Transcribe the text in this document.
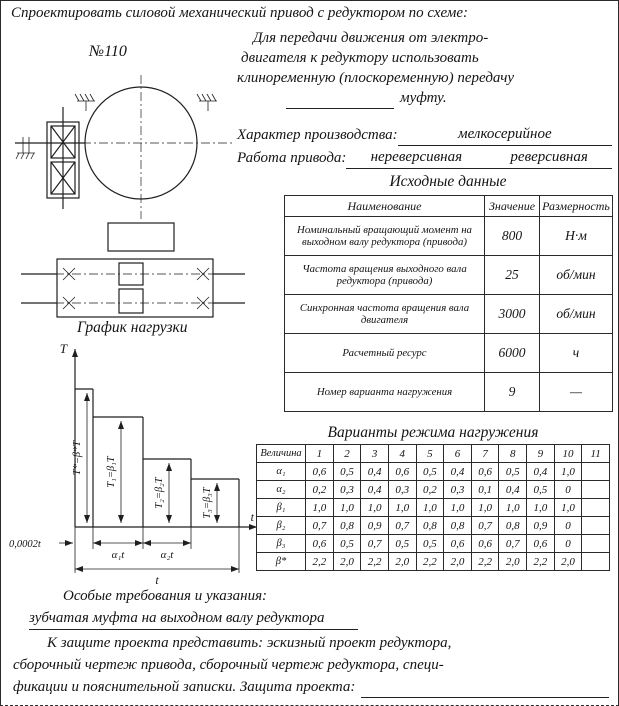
Спроектировать силовой механический привод с редуктором по схеме:
№110
График нагрузки
T
t
T*=β*T T₁=β₁T
T₂=β₂T	T₃=β₃T
0,0002t
α₁t	α₂t
t
Для передачи движения от электро-
двигателя к редуктору использовать
клиноременную (плоскоременную) передачу
муфту.
Характер производства:	мелкосерийное
Работа привода: нереверсивная	реверсивная
Исходные данные
Наименование	Значение	Размерность
Номинальный вращающий момент на выходном валу редуктора (привода)	800	Н·м
Частота вращения выходного вала редуктора (привода)	25	об/мин
Синхронная частота вращения вала двигателя	3000	об/мин
Расчетный ресурс	6000	ч
Номер варианта нагружения	9	—
Варианты режима нагружения
Величина	1	2	3	4	5	6	7	8	9	10	11
α₁	0,6	0,5	0,4	0,6	0,5	0,4	0,6	0,5	0,4	1,0	
α₂	0,2	0,3	0,4	0,3	0,2	0,3	0,1	0,4	0,5	0	
β₁	1,0	1,0	1,0	1,0	1,0	1,0	1,0	1,0	1,0	1,0	
β₂	0,7	0,8	0,9	0,7	0,8	0,8	0,7	0,8	0,9	0	
β₃	0,6	0,5	0,7	0,5	0,5	0,6	0,6	0,7	0,6	0	
β*	2,2	2,0	2,2	2,0	2,2	2,0	2,2	2,0	2,2	2,0	
Особые требования и указания:
зубчатая муфта на выходном валу редуктора
К защите проекта представить: эскизный проект редуктора,
сборочный чертеж привода, сборочный чертеж редуктора, специ-
фикации и пояснительной записки. Защита проекта:
